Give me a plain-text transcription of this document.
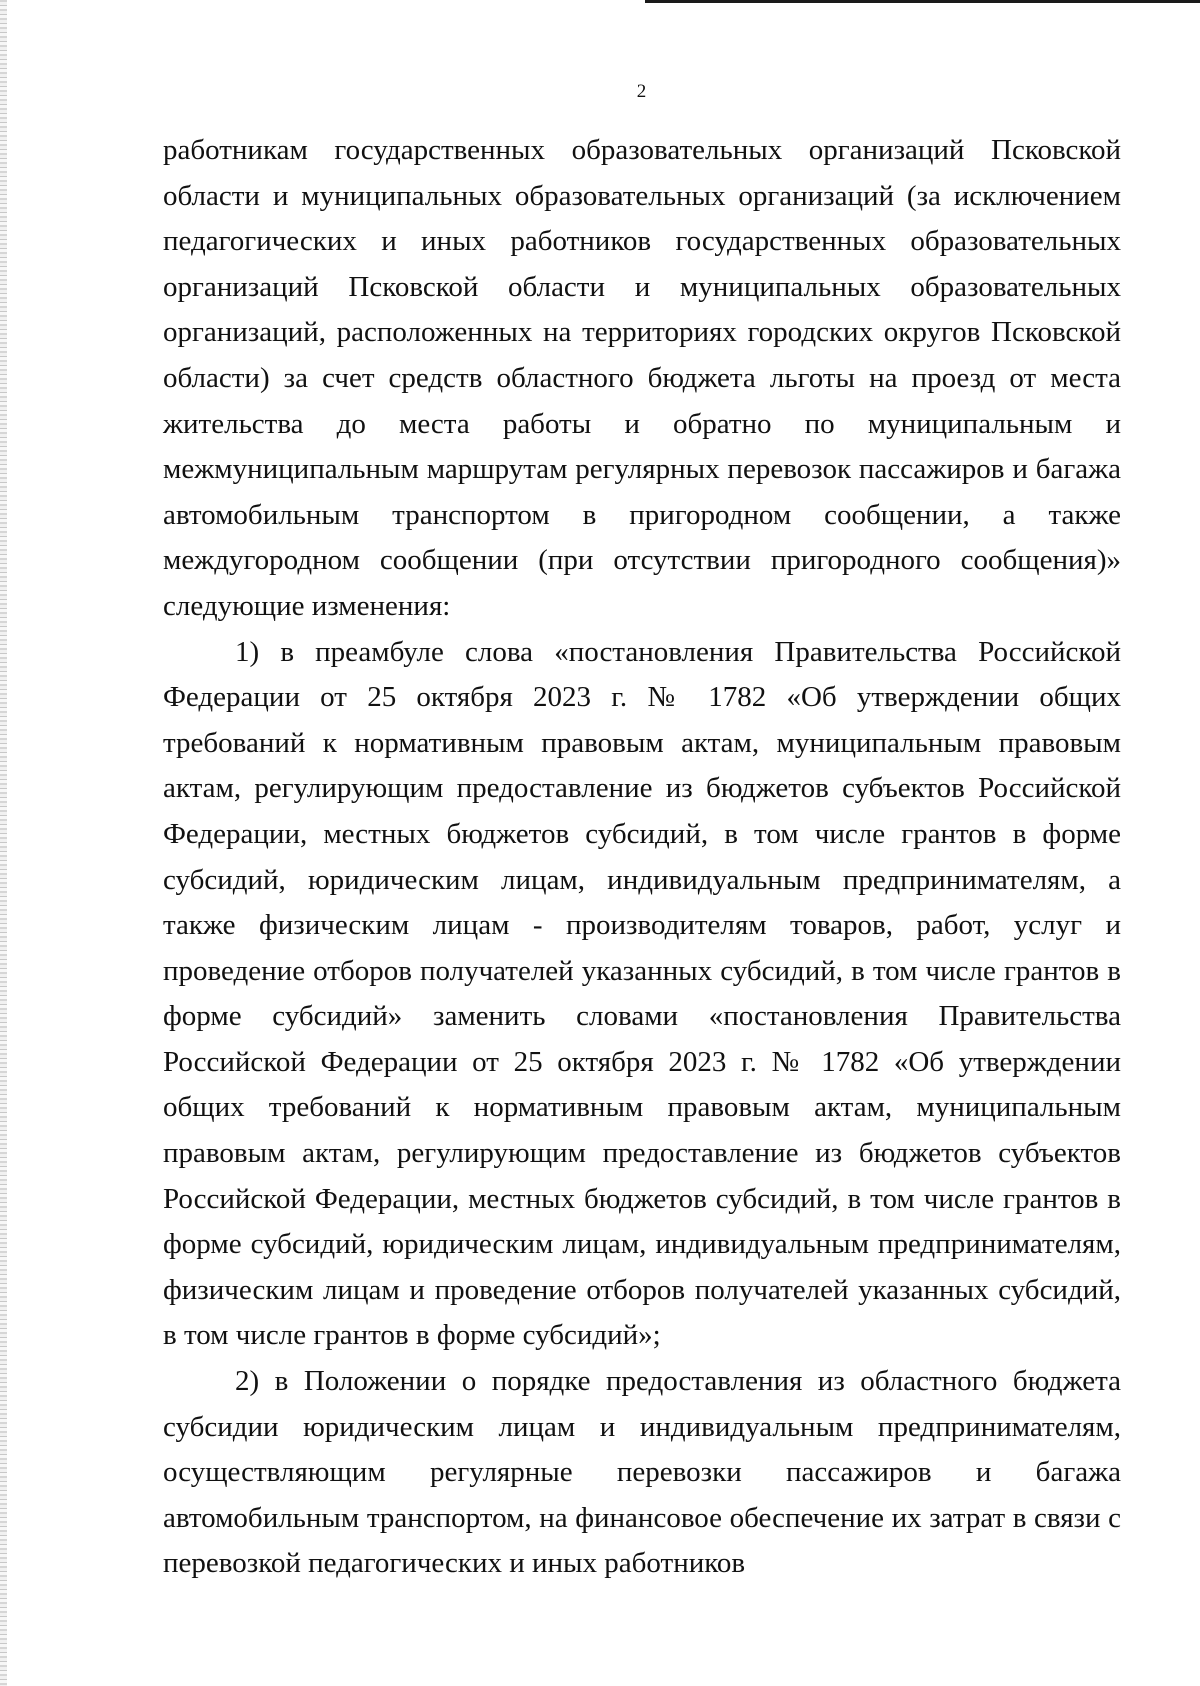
2

работникам государственных образовательных организаций Псковской области и муниципальных образовательных организаций (за исключением педагогических и иных работников государственных образовательных организаций Псковской области и муниципальных образовательных организаций, расположенных на территориях городских округов Псковской области) за счет средств областного бюджета льготы на проезд от места жительства до места работы и обратно по муниципальным и межмуниципальным маршрутам регулярных перевозок пассажиров и багажа автомобильным транспортом в пригородном сообщении, а также междугородном сообщении (при отсутствии пригородного сообщения)» следующие изменения:

1) в преамбуле слова «постановления Правительства Российской Федерации от 25 октября 2023 г. № 1782 «Об утверждении общих требований к нормативным правовым актам, муниципальным правовым актам, регулирующим предоставление из бюджетов субъектов Российской Федерации, местных бюджетов субсидий, в том числе грантов в форме субсидий, юридическим лицам, индивидуальным предпринимателям, а также физическим лицам - производителям товаров, работ, услуг и проведение отборов получателей указанных субсидий, в том числе грантов в форме субсидий» заменить словами «постановления Правительства Российской Федерации от 25 октября 2023 г. № 1782 «Об утверждении общих требований к нормативным правовым актам, муниципальным правовым актам, регулирующим предоставление из бюджетов субъектов Российской Федерации, местных бюджетов субсидий, в том числе грантов в форме субсидий, юридическим лицам, индивидуальным предпринимателям, физическим лицам и проведение отборов получателей указанных субсидий, в том числе грантов в форме субсидий»;

2) в Положении о порядке предоставления из областного бюджета субсидии юридическим лицам и индивидуальным предпринимателям, осуществляющим регулярные перевозки пассажиров и багажа автомобильным транспортом, на финансовое обеспечение их затрат в связи с перевозкой педагогических и иных работников
